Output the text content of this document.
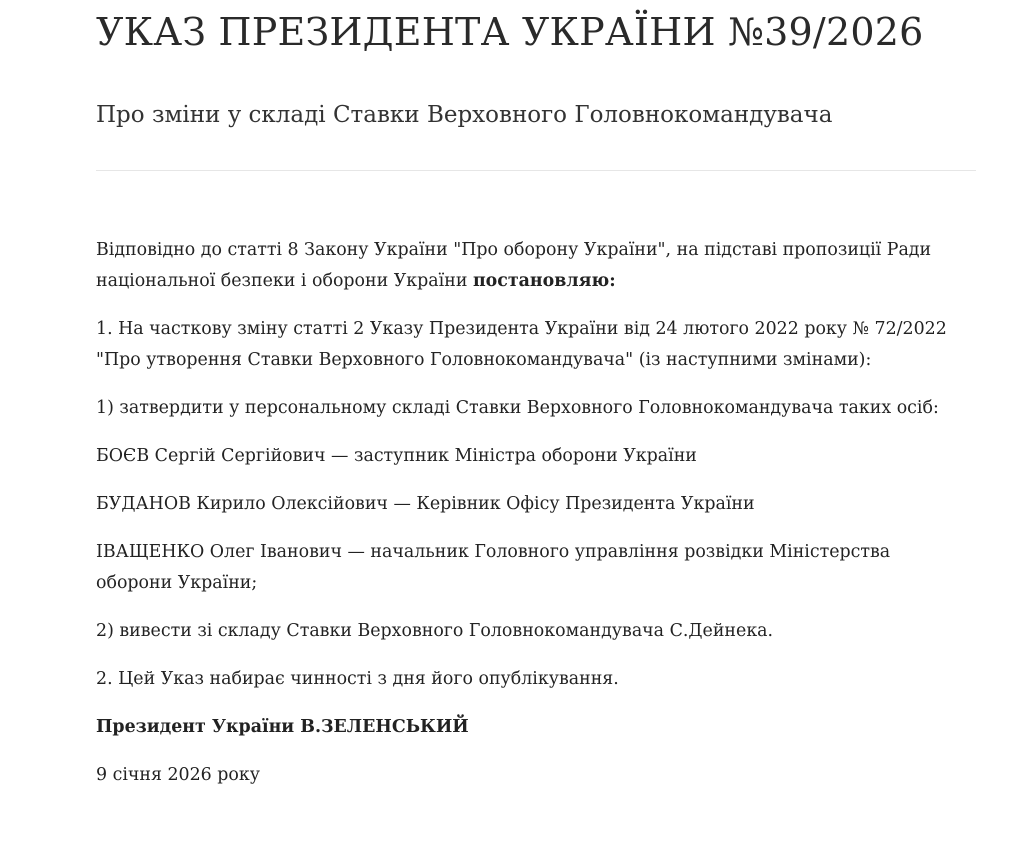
УКАЗ ПРЕЗИДЕНТА УКРАЇНИ №39/2026
Про зміни у складі Ставки Верховного Головнокомандувача

Відповідно до статті 8 Закону України "Про оборону України", на підставі пропозиції Ради національної безпеки і оборони України постановляю:

1. На часткову зміну статті 2 Указу Президента України від 24 лютого 2022 року № 72/2022 "Про утворення Ставки Верховного Головнокомандувача" (із наступними змінами):

1) затвердити у персональному складі Ставки Верховного Головнокомандувача таких осіб:

БОЄВ Сергій Сергійович — заступник Міністра оборони України

БУДАНОВ Кирило Олексійович — Керівник Офісу Президента України

ІВАЩЕНКО Олег Іванович — начальник Головного управління розвідки Міністерства оборони України;

2) вивести зі складу Ставки Верховного Головнокомандувача С.Дейнека.

2. Цей Указ набирає чинності з дня його опублікування.

Президент України В.ЗЕЛЕНСЬКИЙ

9 січня 2026 року
